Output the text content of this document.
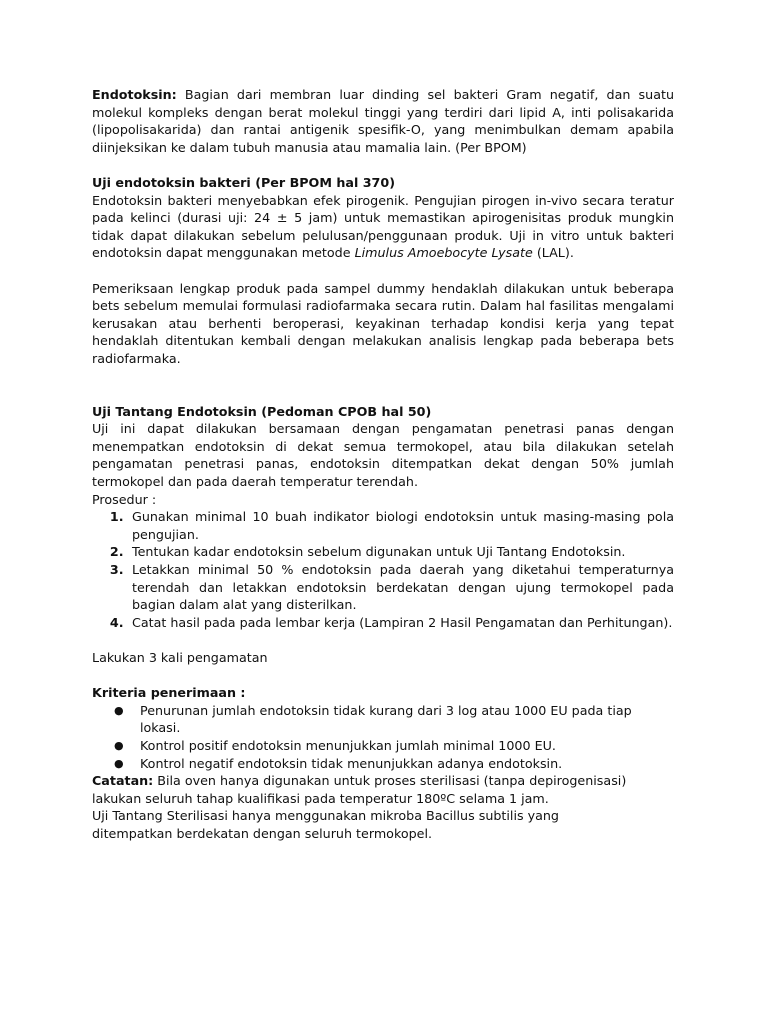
Endotoksin: Bagian dari membran luar dinding sel bakteri Gram negatif, dan suatu molekul kompleks dengan berat molekul tinggi yang terdiri dari lipid A, inti polisakarida (lipopolisakarida) dan rantai antigenik spesifik-O, yang menimbulkan demam apabila diinjeksikan ke dalam tubuh manusia atau mamalia lain. (Per BPOM)

Uji endotoksin bakteri (Per BPOM hal 370)

Endotoksin bakteri menyebabkan efek pirogenik. Pengujian pirogen in-vivo secara teratur pada kelinci (durasi uji: 24 ± 5 jam) untuk memastikan apirogenisitas produk mungkin tidak dapat dilakukan sebelum pelulusan/penggunaan produk. Uji in vitro untuk bakteri endotoksin dapat menggunakan metode Limulus Amoebocyte Lysate (LAL).

Pemeriksaan lengkap produk pada sampel dummy hendaklah dilakukan untuk beberapa bets sebelum memulai formulasi radiofarmaka secara rutin. Dalam hal fasilitas mengalami kerusakan atau berhenti beroperasi, keyakinan terhadap kondisi kerja yang tepat hendaklah ditentukan kembali dengan melakukan analisis lengkap pada beberapa bets radiofarmaka.

Uji Tantang Endotoksin (Pedoman CPOB hal 50)

Uji ini dapat dilakukan bersamaan dengan pengamatan penetrasi panas dengan menempatkan endotoksin di dekat semua termokopel, atau bila dilakukan setelah pengamatan penetrasi panas, endotoksin ditempatkan dekat dengan 50% jumlah termokopel dan pada daerah temperatur terendah.

Prosedur :

1. Gunakan minimal 10 buah indikator biologi endotoksin untuk masing-masing pola pengujian.
2. Tentukan kadar endotoksin sebelum digunakan untuk Uji Tantang Endotoksin.
3. Letakkan minimal 50 % endotoksin pada daerah yang diketahui temperaturnya terendah dan letakkan endotoksin berdekatan dengan ujung termokopel pada bagian dalam alat yang disterilkan.
4. Catat hasil pada pada lembar kerja (Lampiran 2 Hasil Pengamatan dan Perhitungan).

Lakukan 3 kali pengamatan

Kriteria penerimaan :

● Penurunan jumlah endotoksin tidak kurang dari 3 log atau 1000 EU pada tiap lokasi.
● Kontrol positif endotoksin menunjukkan jumlah minimal 1000 EU.
● Kontrol negatif endotoksin tidak menunjukkan adanya endotoksin.

Catatan: Bila oven hanya digunakan untuk proses sterilisasi (tanpa depirogenisasi) lakukan seluruh tahap kualifikasi pada temperatur 180ºC selama 1 jam.

Uji Tantang Sterilisasi hanya menggunakan mikroba Bacillus subtilis yang

ditempatkan berdekatan dengan seluruh termokopel.
